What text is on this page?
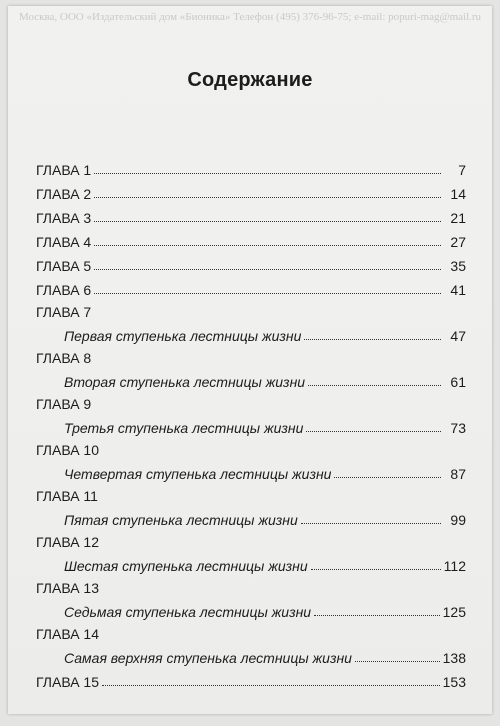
Москва, ООО «Издательский дом «Бионика» Телефон (495) 376-96-75; e-mail: popuri-mag@mail.ru
Содержание
ГЛАВА 1	7
ГЛАВА 2	14
ГЛАВА 3	21
ГЛАВА 4	27
ГЛАВА 5	35
ГЛАВА 6	41
ГЛАВА 7
Первая ступенька лестницы жизни	47
ГЛАВА 8
Вторая ступенька лестницы жизни	61
ГЛАВА 9
Третья ступенька лестницы жизни	73
ГЛАВА 10
Четвертая ступенька лестницы жизни	87
ГЛАВА 11
Пятая ступенька лестницы жизни	99
ГЛАВА 12
Шестая ступенька лестницы жизни	112
ГЛАВА 13
Седьмая ступенька лестницы жизни	125
ГЛАВА 14
Самая верхняя ступенька лестницы жизни	138
ГЛАВА 15	153
